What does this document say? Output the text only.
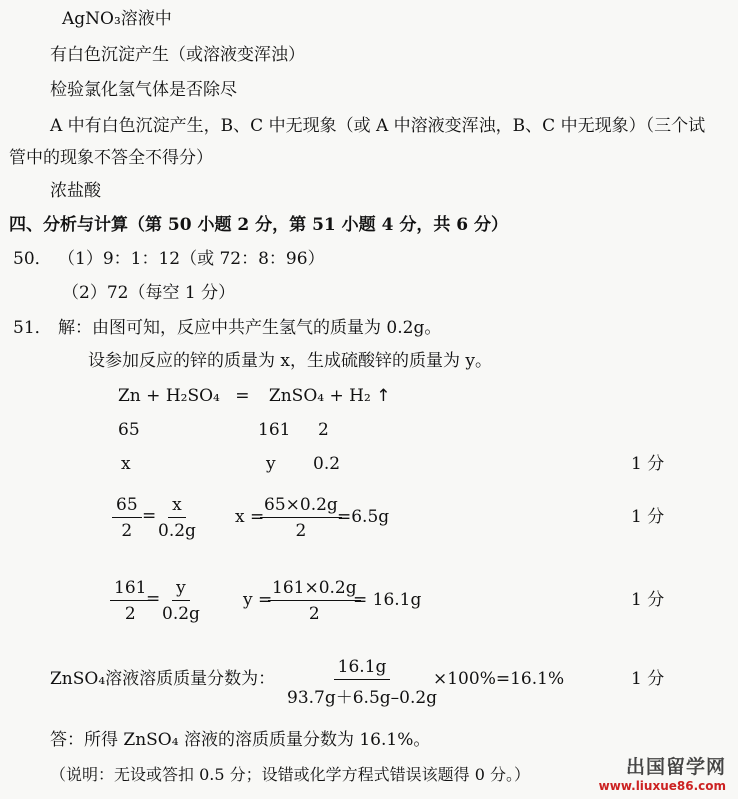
AgNO₃溶液中
有白色沉淀产生（或溶液变浑浊）
检验氯化氢气体是否除尽
A 中有白色沉淀产生，B、C 中无现象（或 A 中溶液变浑浊，B、C 中无现象）（三个试
管中的现象不答全不得分）
浓盐酸
四、分析与计算（第 50 小题 2 分，第 51 小题 4 分，共 6 分）
50． （1）9：1：12（或 72：8：96）
（2）72（每空 1 分）
51． 解：由图可知，反应中共产生氢气的质量为 0.2g。
设参加反应的锌的质量为 x，生成硫酸锌的质量为 y。
Zn + H₂SO₄ = ZnSO₄ + H₂ ↑
65	161 2
x	y 0.2	1 分
$\frac{65}{2}$ =
$\frac{x}{0.2g}$ x =
$\frac{65\times 0.2g}{2}$
=6.5g	1 分
$\frac{161}{2}$
=
$\frac{y}{0.2g}$ y =
$\frac{161\times 0.2g}{2}$
= 16.1g	1 分
ZnSO₄溶液溶质质量分数为： $\frac{16.1g}{93.7g+6.5g-0.2g}$
×100%=16.1%	1 分
答：所得 ZnSO₄ 溶液的溶质质量分数为 16.1%。
（说明：无设或答扣 0.5 分；设错或化学方程式错误该题得 0 分。）	出国留学网
www.liuxue86.com
